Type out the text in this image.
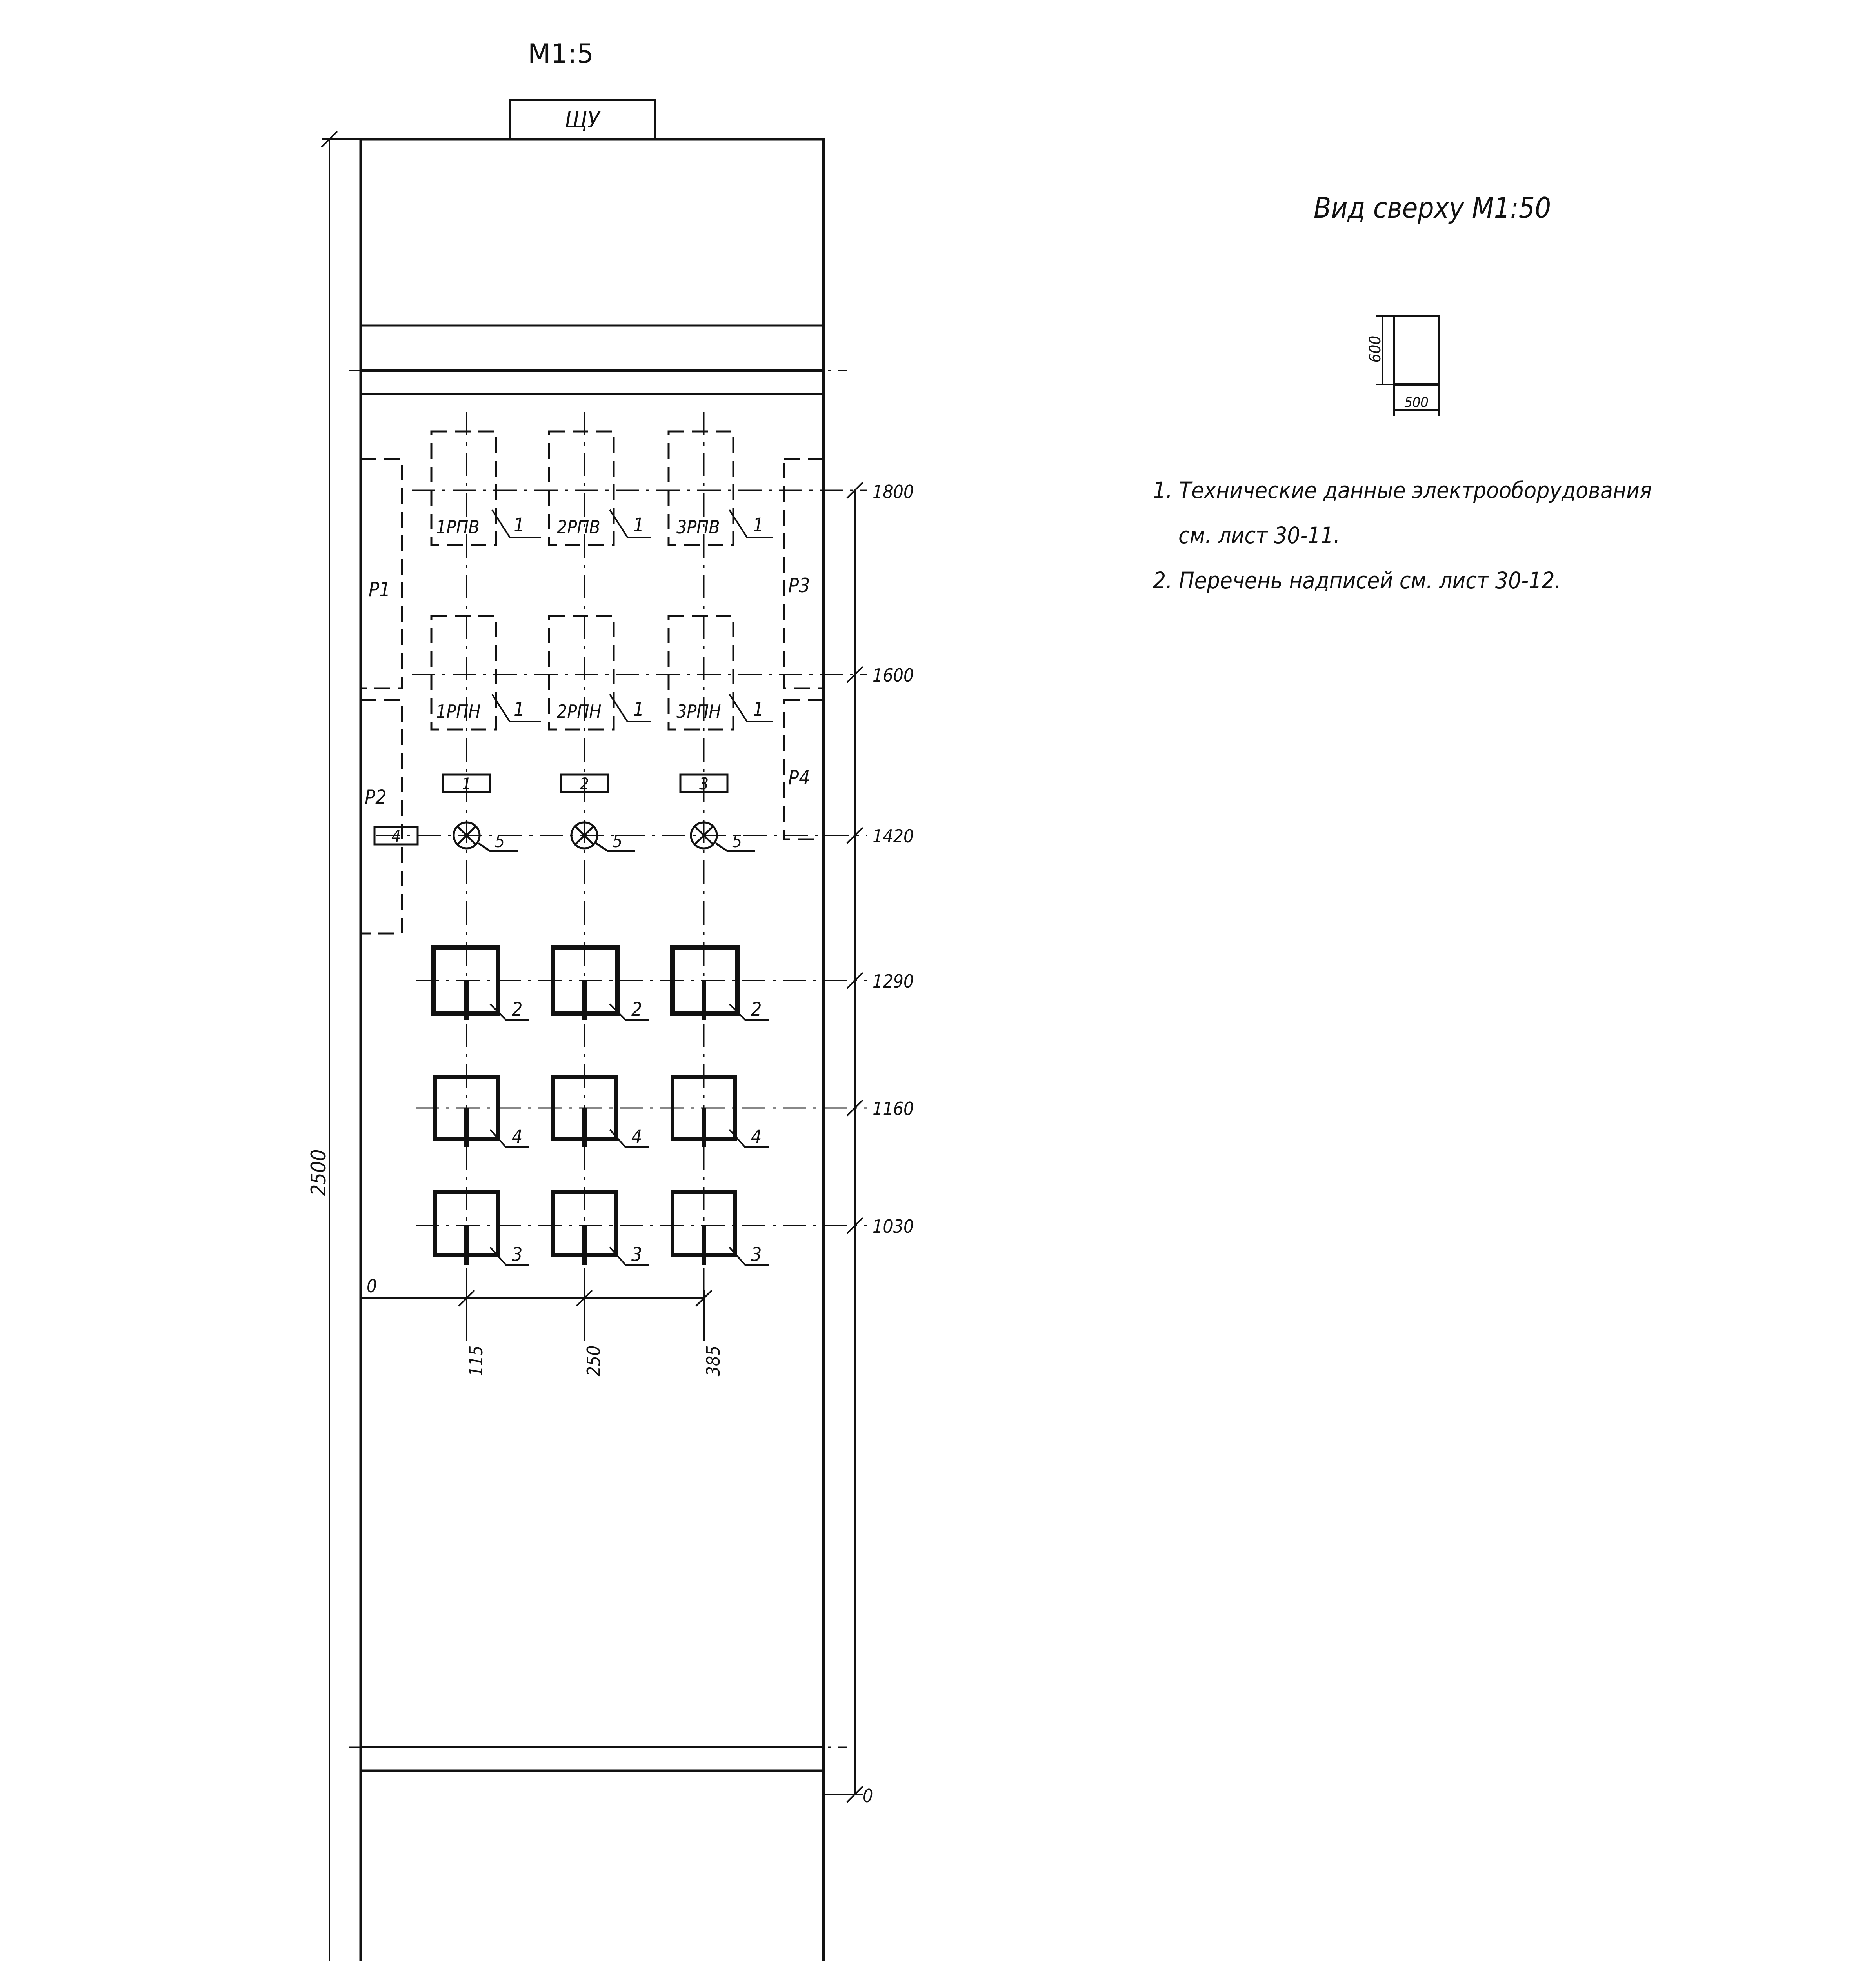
М1:5
ЩУ
Р1
Р2
Р3
Р4
1РПВ	2РПВ	3РПВ
1РПН	2РПН	3РПН
1	1	1
1	1	1
1	2	3
4	5	5	5
2	2	2
4	4	4
3	3	3
1800
1600
1420
1290
1160
1030
0
0
115	250	385
2500
Вид сверху М1:50
600
500
1. Технические данные электрооборудования
см. лист 30-11.
2. Перечень надписей см. лист 30-12.
